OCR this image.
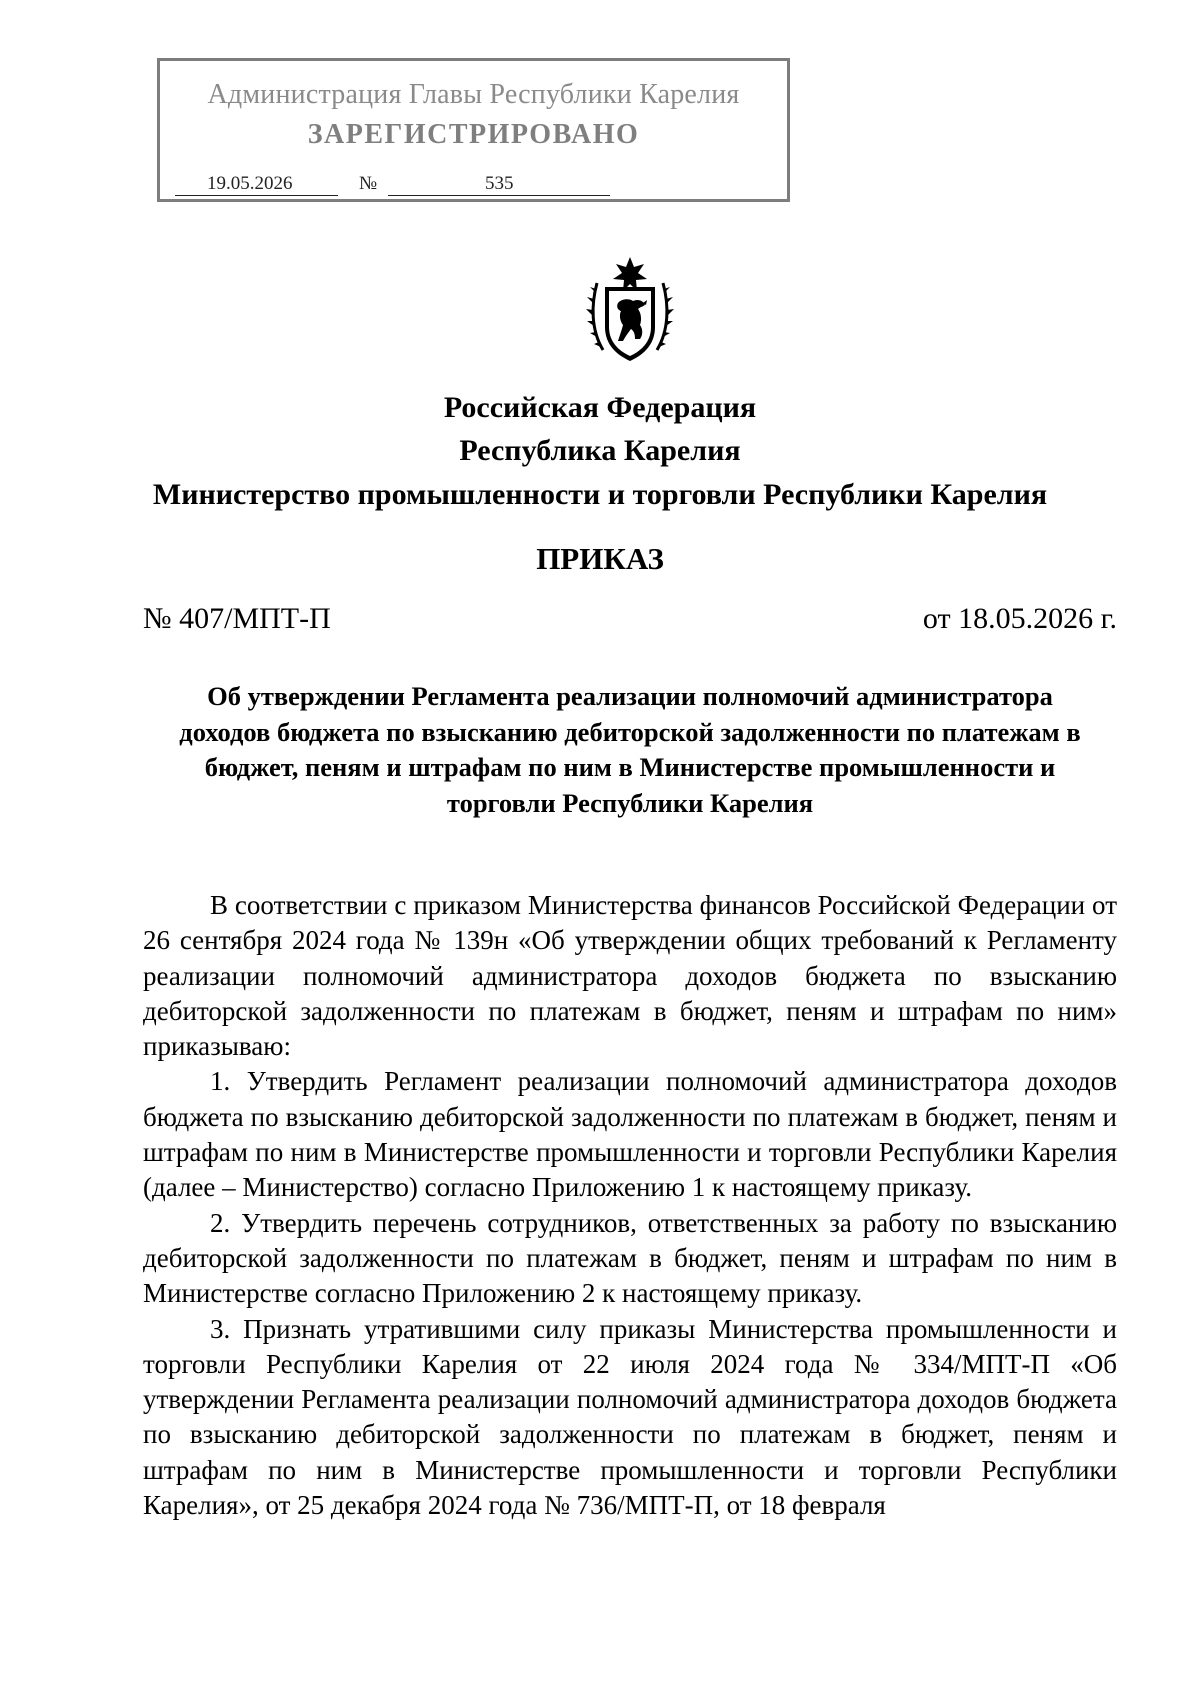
Администрация Главы Республики Карелия
ЗАРЕГИСТРИРОВАНО
19.05.2026	№	535
Российская Федерация
Республика Карелия
Министерство промышленности и торговли Республики Карелия
ПРИКАЗ
№ 407/МПТ-П	от 18.05.2026 г.
Об утверждении Регламента реализации полномочий администратора
доходов бюджета по взысканию дебиторской задолженности по платежам в
бюджет, пеням и штрафам по ним в Министерстве промышленности и
торговли Республики Карелия

В соответствии с приказом Министерства финансов Российской Федерации от 26 сентября 2024 года № 139н «Об утверждении общих требований к Регламенту реализации полномочий администратора доходов бюджета по взысканию дебиторской задолженности по платежам в бюджет, пеням и штрафам по ним» приказываю:

1. Утвердить Регламент реализации полномочий администратора доходов бюджета по взысканию дебиторской задолженности по платежам в бюджет, пеням и штрафам по ним в Министерстве промышленности и торговли Республики Карелия (далее – Министерство) согласно Приложению 1 к настоящему приказу.

2. Утвердить перечень сотрудников, ответственных за работу по взысканию дебиторской задолженности по платежам в бюджет, пеням и штрафам по ним в Министерстве согласно Приложению 2 к настоящему приказу.

3. Признать утратившими силу приказы Министерства промышленности и торговли Республики Карелия от 22 июля 2024 года № 334/МПТ-П «Об утверждении Регламента реализации полномочий администратора доходов бюджета по взысканию дебиторской задолженности по платежам в бюджет, пеням и штрафам по ним в Министерстве промышленности и торговли Республики Карелия», от 25 декабря 2024 года № 736/МПТ-П, от 18 февраля
